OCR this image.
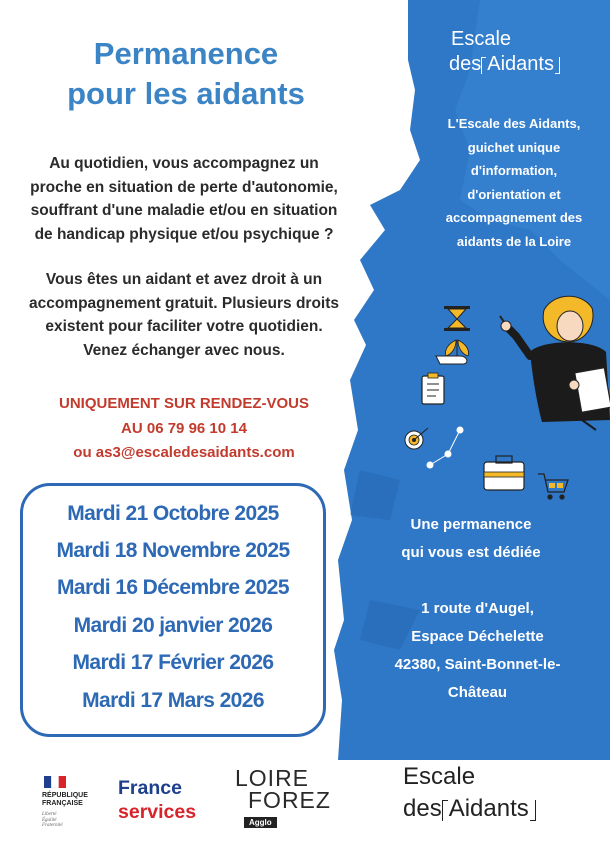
Escale
des Aidants
L'Escale des Aidants,
guichet unique
d'information,
d'orientation et
accompagnement des
aidants de la Loire
Permanence
pour les aidants
Au quotidien, vous accompagnez un
proche en situation de perte d'autonomie,
souffrant d'une maladie et/ou en situation
de handicap physique et/ou psychique ?
Vous êtes un aidant et avez droit à un
accompagnement gratuit. Plusieurs droits
existent pour faciliter votre quotidien.
Venez échanger avec nous.
UNIQUEMENT SUR RENDEZ-VOUS
AU 06 79 96 10 14
ou as3@escaledesaidants.com
Mardi 21 Octobre 2025
Mardi 18 Novembre 2025
Mardi 16 Décembre 2025
Mardi 20 janvier 2026
Mardi 17 Février 2026
Mardi 17 Mars 2026
Une permanence
qui vous est dédiée
1 route d'Augel,
Espace Déchelette
42380, Saint-Bonnet-le-
Château
RÉPUBLIQUE
FRANÇAISE
Liberté
Égalité
Fraternité
France
services
LOIRE
FOREZ
Agglo
Escale
des Aidants
